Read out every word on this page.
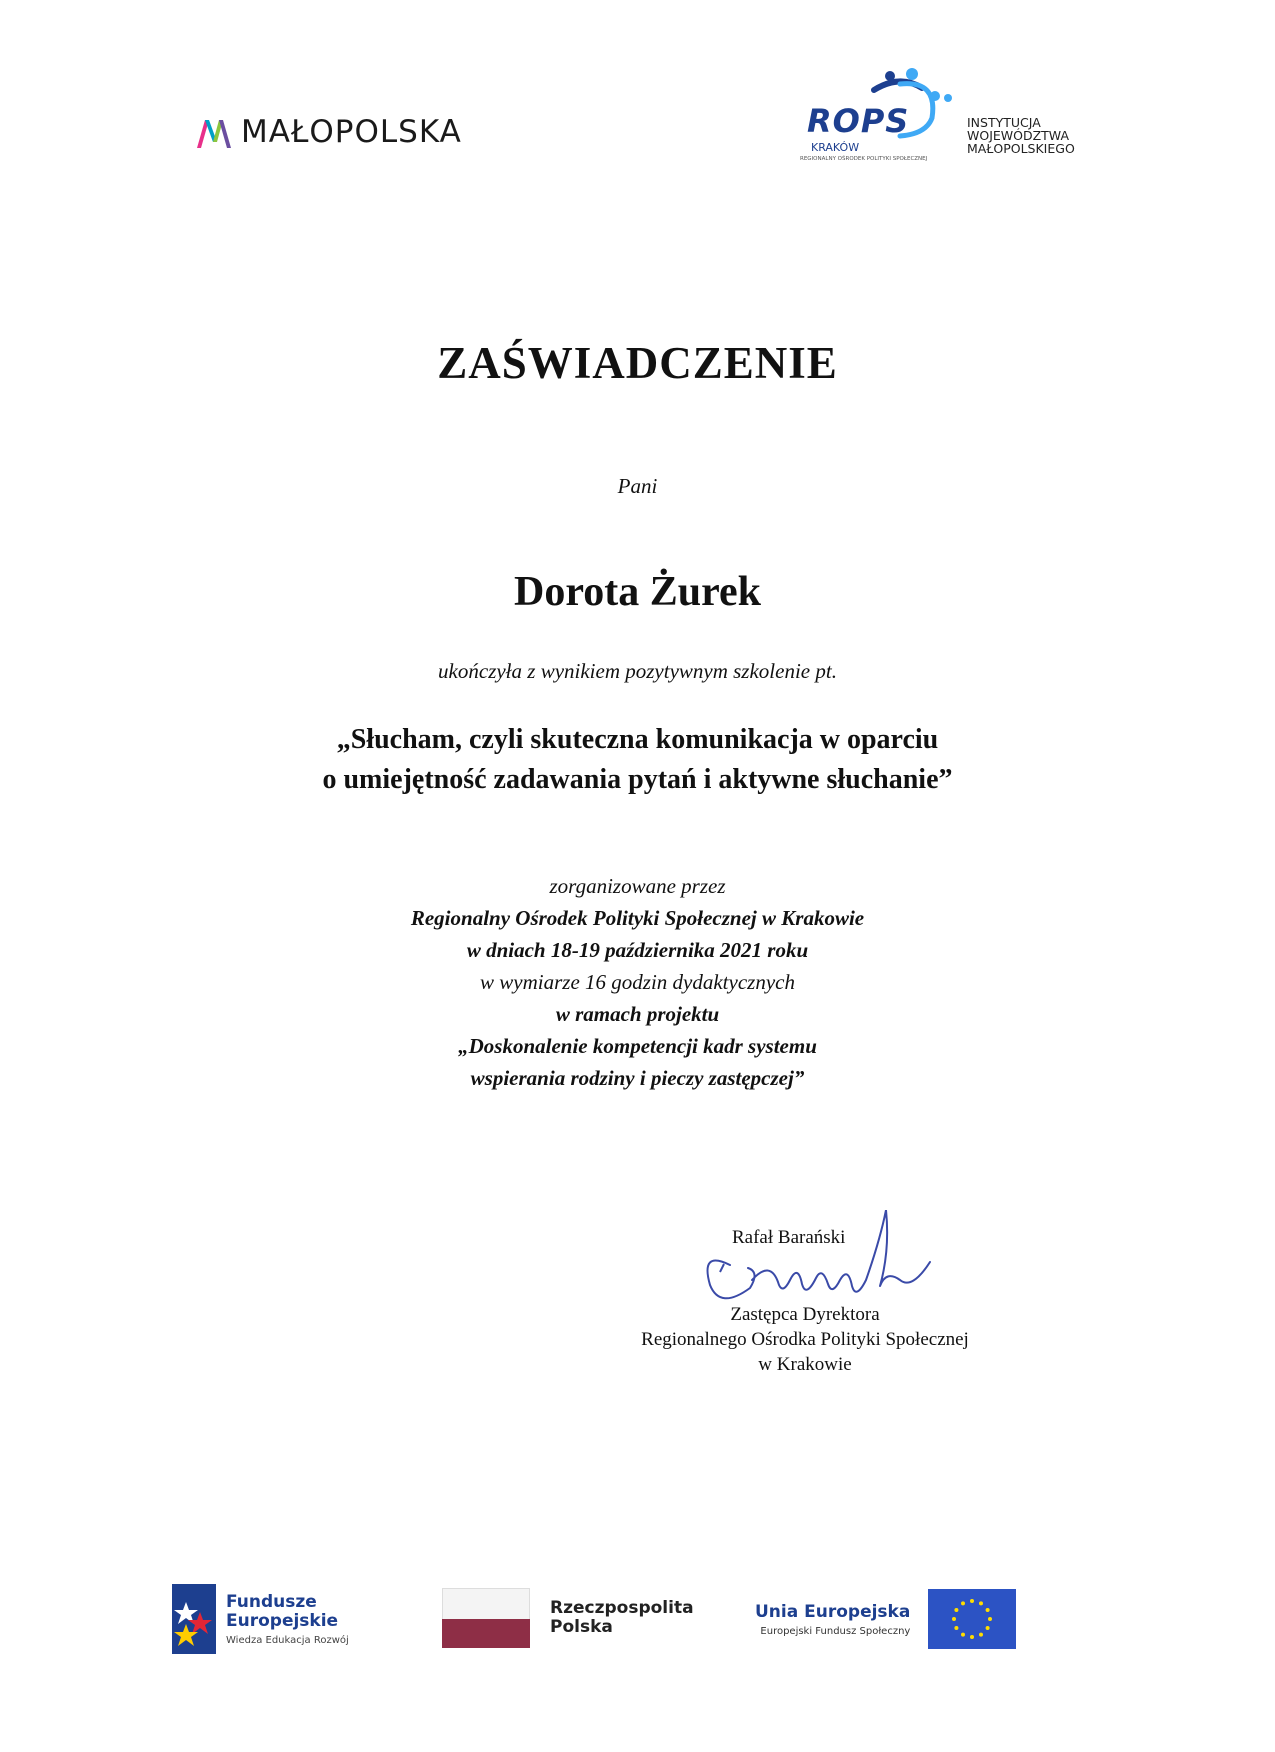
MAŁOPOLSKA	ROPS
KRAKÓW
REGIONALNY OŚRODEK POLITYKI SPOŁECZNEJ
INSTYTUCJA
WOJEWÓDZTWA
MAŁOPOLSKIEGO
ZAŚWIADCZENIE
Pani
Dorota Żurek
ukończyła z wynikiem pozytywnym szkolenie pt.
„Słucham, czyli skuteczna komunikacja w oparciu
o umiejętność zadawania pytań i aktywne słuchanie”
zorganizowane przez
Regionalny Ośrodek Polityki Społecznej w Krakowie
w dniach 18-19 października 2021 roku
w wymiarze 16 godzin dydaktycznych
w ramach projektu
„Doskonalenie kompetencji kadr systemu
wspierania rodziny i pieczy zastępczej”
Rafał Barański
Zastępca Dyrektora
Regionalnego Ośrodka Polityki Społecznej
w Krakowie
Fundusze
Europejskie
Wiedza Edukacja Rozwój
Rzeczpospolita
Polska
Unia Europejska
Europejski Fundusz Społeczny
